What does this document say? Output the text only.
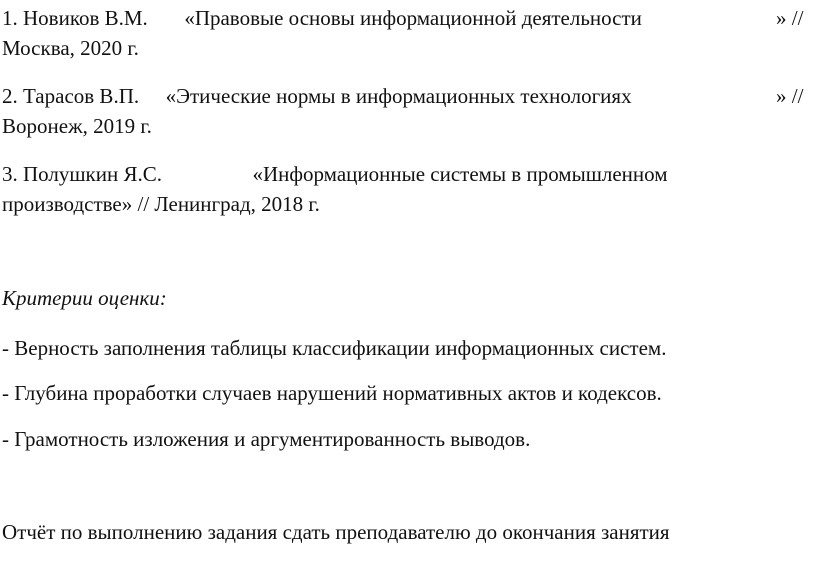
1. Новиков В.М. «Правовые основы информационной деятельности	» //
Москва, 2020 г.
2. Тарасов В.П. «Этические нормы в информационных технологиях	» //
Воронеж, 2019 г.
3. Полушкин Я.С.	«Информационные системы в промышленном
производстве» // Ленинград, 2018 г.
Критерии оценки:
- Верность заполнения таблицы классификации информационных систем.
- Глубина проработки случаев нарушений нормативных актов и кодексов.
- Грамотность изложения и аргументированность выводов.
Отчёт по выполнению задания сдать преподавателю до окончания занятия
